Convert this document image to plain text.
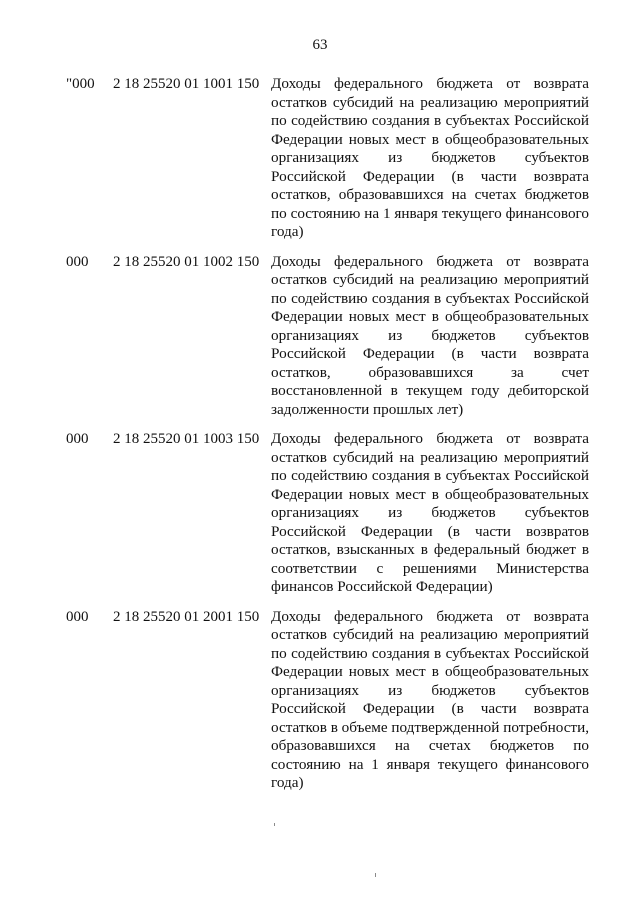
63
"000 2 18 25520 01 1001 150 Доходы федерального бюджета от возврата остатков субсидий на реализацию мероприятий по содействию создания в субъектах Российской Федерации новых мест в общеобразовательных организациях из бюджетов субъектов Российской Федерации (в части возврата остатков, образовавшихся на счетах бюджетов по состоянию на 1 января текущего финансового года)
000 2 18 25520 01 1002 150 Доходы федерального бюджета от возврата остатков субсидий на реализацию мероприятий по содействию создания в субъектах Российской Федерации новых мест в общеобразовательных организациях из бюджетов субъектов Российской Федерации (в части возврата остатков, образовавшихся за счет восстановленной в текущем году дебиторской задолженности прошлых лет)
000 2 18 25520 01 1003 150 Доходы федерального бюджета от возврата остатков субсидий на реализацию мероприятий по содействию создания в субъектах Российской Федерации новых мест в общеобразовательных организациях из бюджетов субъектов Российской Федерации (в части возвратов остатков, взысканных в федеральный бюджет в соответствии с решениями Министерства финансов Российской Федерации)
000 2 18 25520 01 2001 150 Доходы федерального бюджета от возврата остатков субсидий на реализацию мероприятий по содействию создания в субъектах Российской Федерации новых мест в общеобразовательных организациях из бюджетов субъектов Российской Федерации (в части возврата остатков в объеме подтвержденной потребности, образовавшихся на счетах бюджетов по состоянию на 1 января текущего финансового года)
